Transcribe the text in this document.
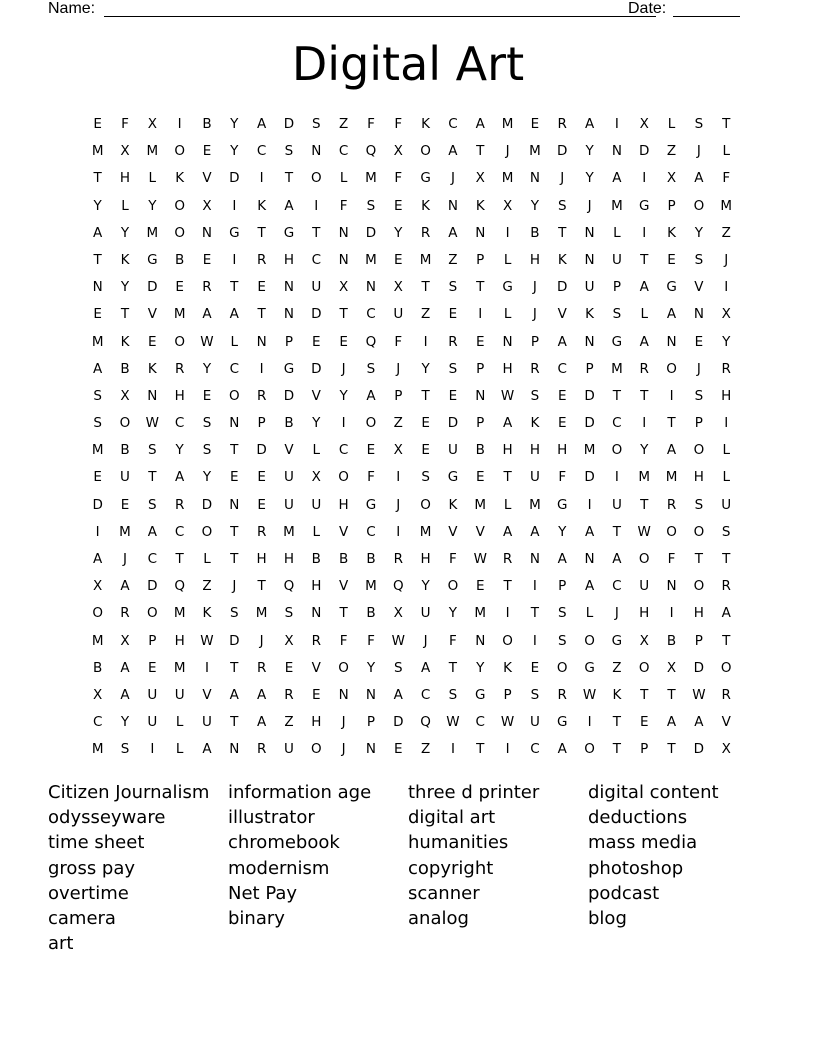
Name:	Date:
Digital Art
E	F	X	I	B	Y	A	D	S	Z	F	F	K	C	A	M	E	R	A	I	X	L	S	T
M	X	M	O	E	Y	C	S	N	C	Q	X	O	A	T	J	M	D	Y	N	D	Z	J	L
T	H	L	K	V	D	I	T	O	L	M	F	G	J	X	M	N	J	Y	A	I	X	A	F
Y	L	Y	O	X	I	K	A	I	F	S	E	K	N	K	X	Y	S	J	M	G	P	O	M
A	Y	M	O	N	G	T	G	T	N	D	Y	R	A	N	I	B	T	N	L	I	K	Y	Z
T	K	G	B	E	I	R	H	C	N	M	E	M	Z	P	L	H	K	N	U	T	E	S	J
N	Y	D	E	R	T	E	N	U	X	N	X	T	S	T	G	J	D	U	P	A	G	V	I
E	T	V	M	A	A	T	N	D	T	C	U	Z	E	I	L	J	V	K	S	L	A	N	X
M	K	E	O	W	L	N	P	E	E	Q	F	I	R	E	N	P	A	N	G	A	N	E	Y
A	B	K	R	Y	C	I	G	D	J	S	J	Y	S	P	H	R	C	P	M	R	O	J	R
S	X	N	H	E	O	R	D	V	Y	A	P	T	E	N	W	S	E	D	T	T	I	S	H
S	O	W	C	S	N	P	B	Y	I	O	Z	E	D	P	A	K	E	D	C	I	T	P	I
M	B	S	Y	S	T	D	V	L	C	E	X	E	U	B	H	H	H	M	O	Y	A	O	L
E	U	T	A	Y	E	E	U	X	O	F	I	S	G	E	T	U	F	D	I	M	M	H	L
D	E	S	R	D	N	E	U	U	H	G	J	O	K	M	L	M	G	I	U	T	R	S	U
I	M	A	C	O	T	R	M	L	V	C	I	M	V	V	A	A	Y	A	T	W	O	O	S
A	J	C	T	L	T	H	H	B	B	B	R	H	F	W	R	N	A	N	A	O	F	T	T
X	A	D	Q	Z	J	T	Q	H	V	M	Q	Y	O	E	T	I	P	A	C	U	N	O	R
O	R	O	M	K	S	M	S	N	T	B	X	U	Y	M	I	T	S	L	J	H	I	H	A
M	X	P	H	W	D	J	X	R	F	F	W	J	F	N	O	I	S	O	G	X	B	P	T
B	A	E	M	I	T	R	E	V	O	Y	S	A	T	Y	K	E	O	G	Z	O	X	D	O
X	A	U	U	V	A	A	R	E	N	N	A	C	S	G	P	S	R	W	K	T	T	W	R
C	Y	U	L	U	T	A	Z	H	J	P	D	Q	W	C	W	U	G	I	T	E	A	A	V
M	S	I	L	A	N	R	U	O	J	N	E	Z	I	T	I	C	A	O	T	P	T	D	X
Citizen Journalism
odysseyware
time sheet
gross pay
overtime
camera
art
information age
illustrator
chromebook
modernism
Net Pay
binary
three d printer
digital art
humanities
copyright
scanner
analog
digital content
deductions
mass media
photoshop
podcast
blog
